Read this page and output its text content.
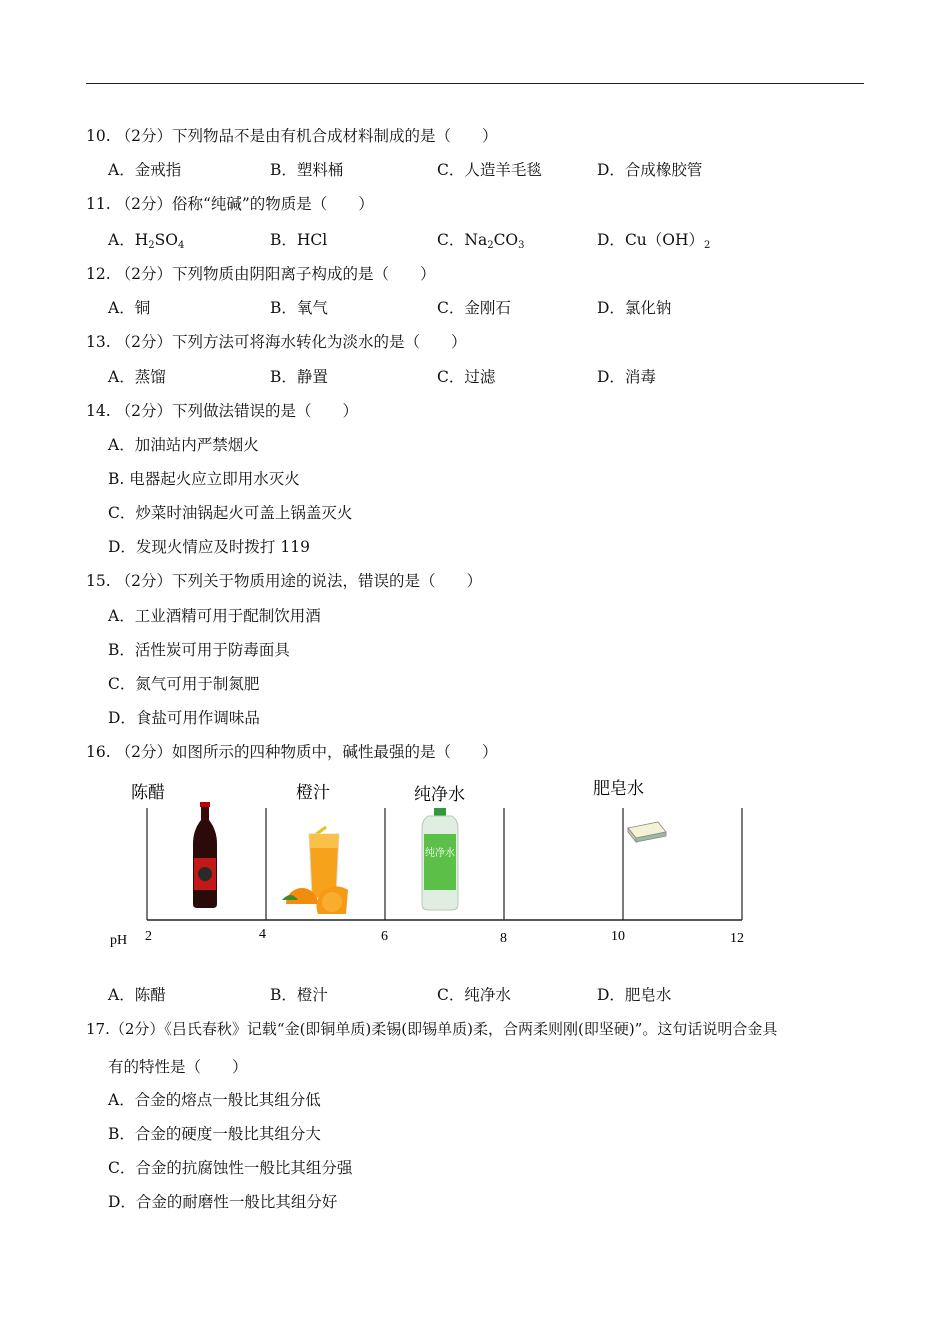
10. （2分）下列物品不是由有机合成材料制成的是（　　）
A．金戒指	B．塑料桶	C．人造羊毛毯	D．合成橡胶管
11. （2分）俗称“纯碱”的物质是（　　）
A．$H_2SO_4$	B．HCl	C．$Na_2CO_3$	D．$Cu(OH)_2$
12. （2分）下列物质由阴阳离子构成的是（　　）
A．铜	B．氧气	C．金刚石	D．氯化钠
13. （2分）下列方法可将海水转化为淡水的是（　　）
A．蒸馏	B．静置	C．过滤	D．消毒
14. （2分）下列做法错误的是（　　）
A．加油站内严禁烟火
B. 电器起火应立即用水灭火
C．炒菜时油锅起火可盖上锅盖灭火
D．发现火情应及时拨打 119
15. （2分）下列关于物质用途的说法，错误的是（　　）
A．工业酒精可用于配制饮用酒
B．活性炭可用于防毒面具
C．氮气可用于制氮肥
D．食盐可用作调味品
16. （2分）如图所示的四种物质中，碱性最强的是（　　）
陈醋	橙汁	纯净水	肥皂水
纯净水
pH 2	4	6	8	10	12
A．陈醋	B．橙汁	C．纯净水	D．肥皂水
17.（2分）《吕氏春秋》记载“金(即铜单质)柔锡(即锡单质)柔，合两柔则刚(即坚硬)”。这句话说明合金具
有的特性是（　　）
A．合金的熔点一般比其组分低
B．合金的硬度一般比其组分大
C．合金的抗腐蚀性一般比其组分强
D．合金的耐磨性一般比其组分好
